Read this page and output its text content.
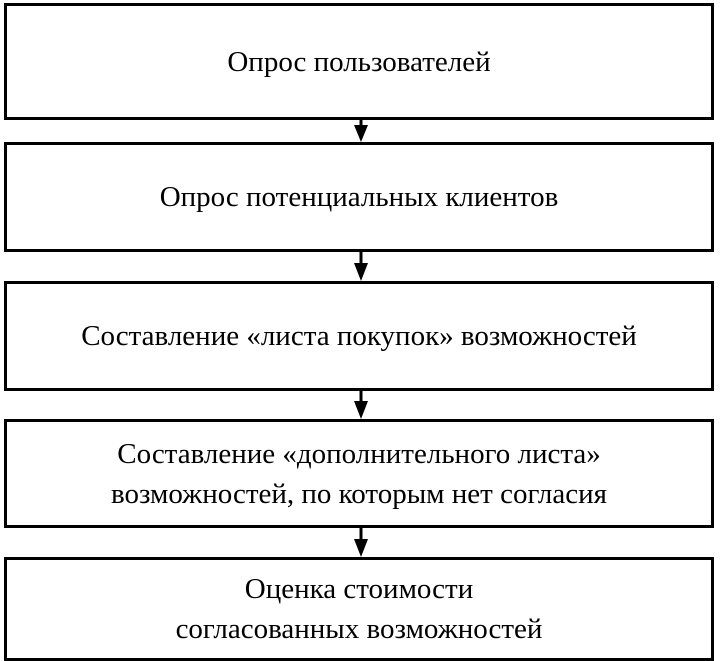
Опрос пользователей
Опрос потенциальных клиентов
Составление «листа покупок» возможностей
Составление «дополнительного листа»
возможностей, по которым нет согласия
Оценка стоимости
согласованных возможностей
